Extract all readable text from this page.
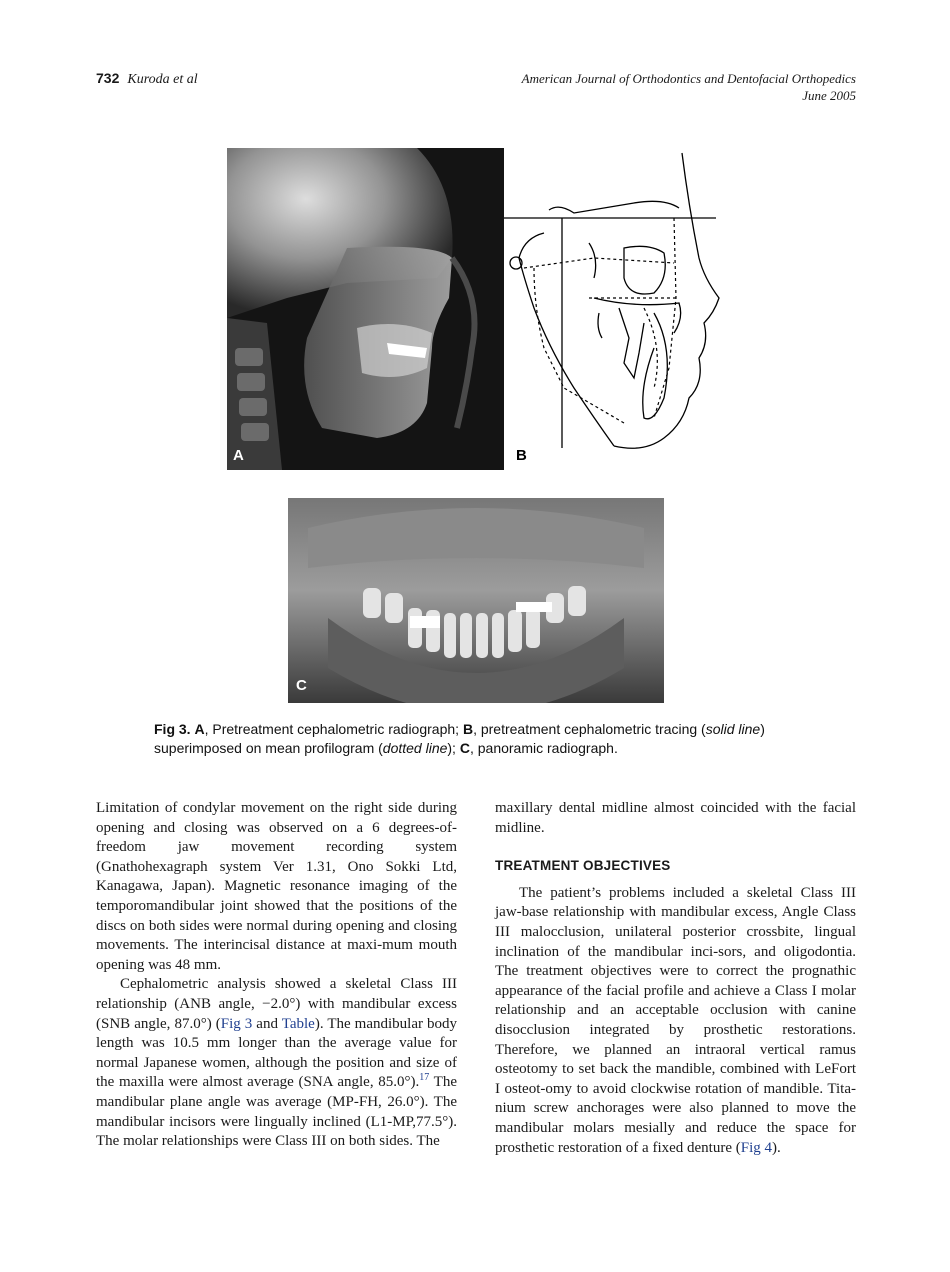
732 Kuroda et al	American Journal of Orthodontics and Dentofacial Orthopedics
June 2005
A	B
C
Fig 3. A, Pretreatment cephalometric radiograph; B, pretreatment cephalometric tracing (solid line) superimposed on mean profilogram (dotted line); C, panoramic radiograph.

Limitation of condylar movement on the right side during opening and closing was observed on a 6 degrees-of-freedom jaw movement recording system (Gnathohexagraph system Ver 1.31, Ono Sokki Ltd, Kanagawa, Japan). Magnetic resonance imaging of the temporomandibular joint showed that the positions of the discs on both sides were normal during opening and closing movements. The interincisal distance at maxi-mum mouth opening was 48 mm.

Cephalometric analysis showed a skeletal Class III relationship (ANB angle, −2.0°) with mandibular excess (SNB angle, 87.0°) (Fig 3 and Table). The mandibular body length was 10.5 mm longer than the average value for normal Japanese women, although the position and size of the maxilla were almost average (SNA angle, 85.0°).$^{17}$ The mandibular plane angle was average (MP-FH, 26.0°). The mandibular incisors were lingually inclined (L1-MP,77.5°). The molar relationships were Class III on both sides. The

maxillary dental midline almost coincided with the facial midline.

TREATMENT OBJECTIVES

The patient’s problems included a skeletal Class III jaw-base relationship with mandibular excess, Angle Class III malocclusion, unilateral posterior crossbite, lingual inclination of the mandibular inci-sors, and oligodontia. The treatment objectives were to correct the prognathic appearance of the facial profile and achieve a Class I molar relationship and an acceptable occlusion with canine disocclusion integrated by prosthetic restorations. Therefore, we planned an intraoral vertical ramus osteotomy to set back the mandible, combined with LeFort I osteot-omy to avoid clockwise rotation of mandible. Tita-nium screw anchorages were also planned to move the mandibular molars mesially and reduce the space for prosthetic restoration of a fixed denture (Fig 4).
